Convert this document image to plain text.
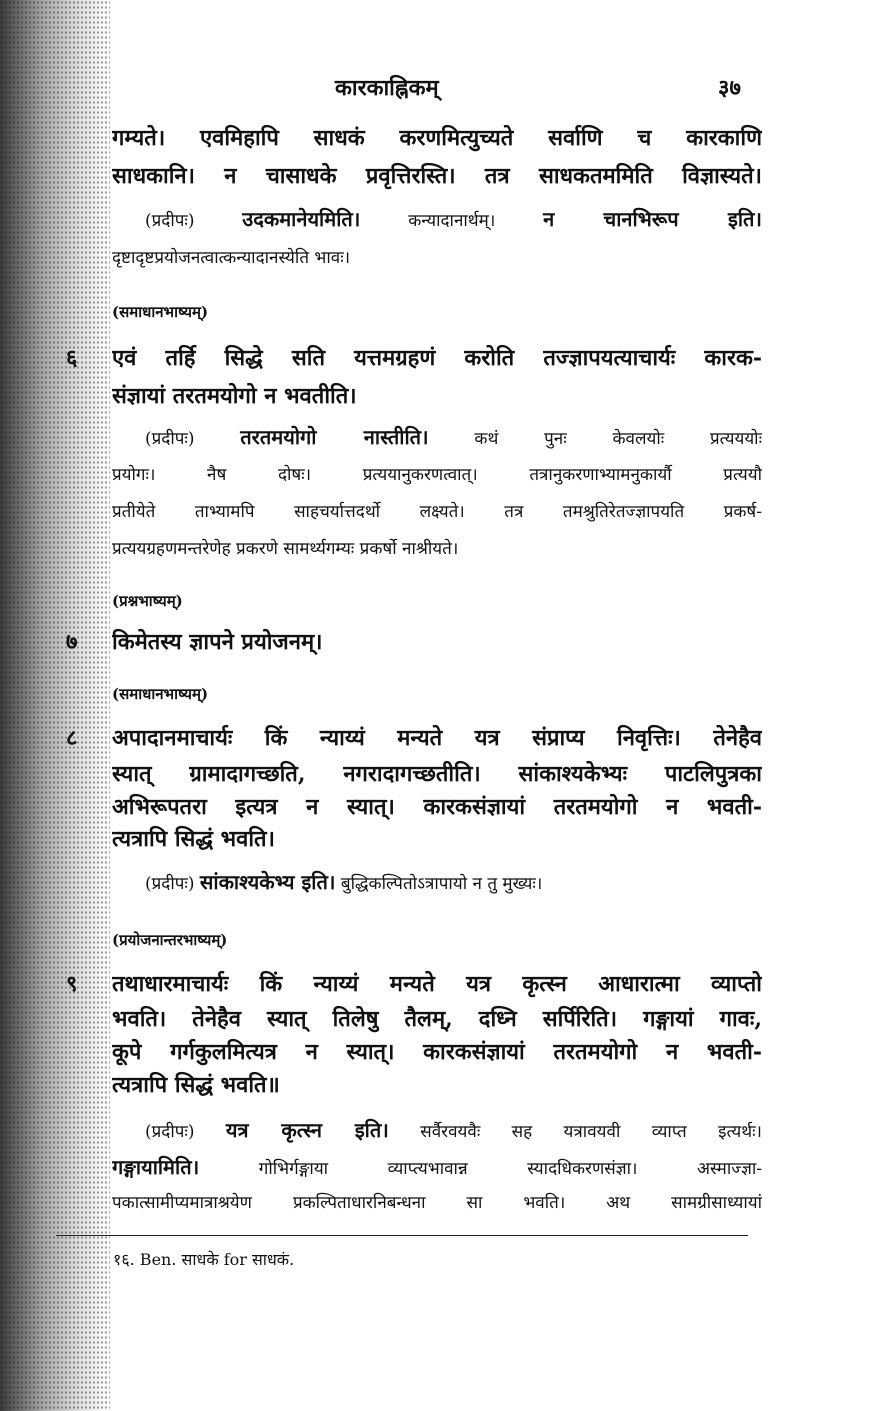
कारकाह्निकम्	३७
गम्यते। एवमिहापि साधकं करणमित्युच्यते सर्वाणि च कारकाणि
साधकानि। न चासाधके प्रवृत्तिरस्ति। तत्र साधकतममिति विज्ञास्यते।
(प्रदीपः) उदकमानेयमिति।	कन्यादानार्थम्। न चानभिरूप इति।
दृष्टादृष्टप्रयोजनत्वात्कन्यादानस्येति भावः।
(समाधानभाष्यम्)
६ एवं तर्हि सिद्धे सति यत्तमग्रहणं करोति तज्ज्ञापयत्याचार्यः कारक-
संज्ञायां तरतमयोगो न भवतीति।
(प्रदीपः) तरतमयोगो नास्तीति।	कथं पुनः केवलयोः प्रत्यययोः
प्रयोगः। नैष दोषः। प्रत्ययानुकरणत्वात्। तत्रानुकरणाभ्यामनुकार्यौ प्रत्ययौ
प्रतीयेते ताभ्यामपि साहचर्यात्तदर्थो लक्ष्यते। तत्र तमश्रुतिरेतज्ज्ञापयति प्रकर्ष-
प्रत्ययग्रहणमन्तरेणेह प्रकरणे सामर्थ्यगम्यः प्रकर्षो नाश्रीयते।
(प्रश्नभाष्यम्)
७ किमेतस्य ज्ञापने प्रयोजनम्।
(समाधानभाष्यम्)
८ अपादानमाचार्यः किं न्याय्यं मन्यते यत्र संप्राप्य निवृत्तिः। तेनेहैव
स्यात् ग्रामादागच्छति, नगरादागच्छतीति। सांकाश्यकेभ्यः पाटलिपुत्रका
अभिरूपतरा इत्यत्र न स्यात्। कारकसंज्ञायां तरतमयोगो न भवती-
त्यत्रापि सिद्धं भवति।
(प्रदीपः) सांकाश्यकेभ्य इति। बुद्धिकल्पितोऽत्रापायो न तु मुख्यः।
(प्रयोजनान्तरभाष्यम्)
९ तथाधारमाचार्यः किं न्याय्यं मन्यते यत्र कृत्स्न आधारात्मा व्याप्तो
भवति। तेनेहैव स्यात् तिलेषु तैलम्, दध्नि सर्पिरिति। गङ्गायां गावः,
कूपे गर्गकुलमित्यत्र न स्यात्। कारकसंज्ञायां तरतमयोगो न भवती-
त्यत्रापि सिद्धं भवति॥
(प्रदीपः) यत्र कृत्स्न इति। सर्वैरवयवैः सह यत्रावयवी व्याप्त इत्यर्थः।
गङ्गायामिति।	गोभिर्गङ्गाया व्याप्त्यभावान्न स्यादधिकरणसंज्ञा। अस्माज्ज्ञा-
पकात्सामीप्यमात्राश्रयेण प्रकल्पिताधारनिबन्धना सा भवति। अथ सामग्रीसाध्यायां
१६. Ben. साधके for साधकं.
